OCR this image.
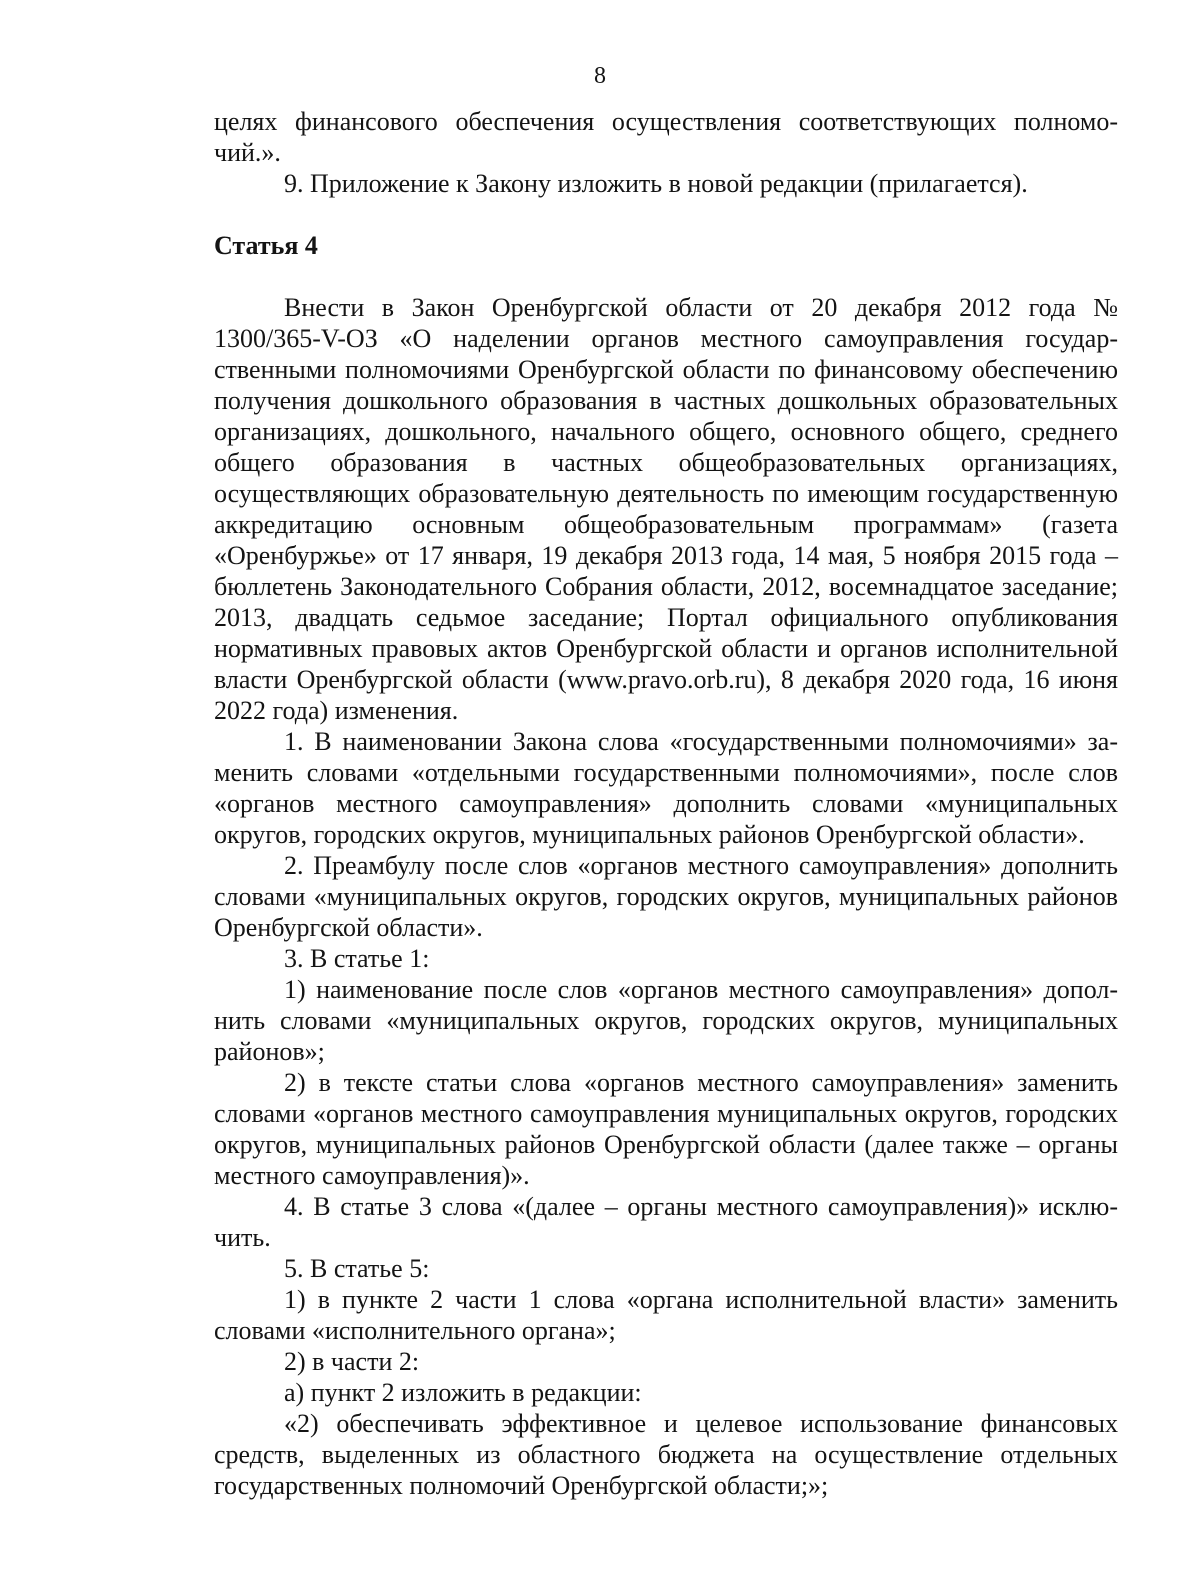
8

целях финансового обеспечения осуществления соответствующих полномочий.».

9. Приложение к Закону изложить в новой редакции (прилагается).

Статья 4

Внести в Закон Оренбургской области от 20 декабря 2012 года № 1300/365-V-ОЗ «О наделении органов местного самоуправления государственными полномочиями Оренбургской области по финансовому обеспечению получения дошкольного образования в частных дошкольных образовательных организациях, дошкольного, начального общего, основного общего, среднего общего образования в частных общеобразовательных организациях, осуществляющих образовательную деятельность по имеющим государственную аккредитацию основным общеобразовательным программам» (газета «Оренбуржье» от 17 января, 19 декабря 2013 года, 14 мая, 5 ноября 2015 года – бюллетень Законодательного Собрания области, 2012, восемнадцатое заседание; 2013, двадцать седьмое заседание; Портал официального опубликования нормативных правовых актов Оренбургской области и органов исполнительной власти Оренбургской области (www.pravo.orb.ru), 8 декабря 2020 года, 16 июня 2022 года) изменения.

1. В наименовании Закона слова «государственными полномочиями» заменить словами «отдельными государственными полномочиями», после слов «органов местного самоуправления» дополнить словами «муниципальных округов, городских округов, муниципальных районов Оренбургской области».

2. Преамбулу после слов «органов местного самоуправления» дополнить словами «муниципальных округов, городских округов, муниципальных районов Оренбургской области».

3. В статье 1:

1) наименование после слов «органов местного самоуправления» дополнить словами «муниципальных округов, городских округов, муниципальных районов»;

2) в тексте статьи слова «органов местного самоуправления» заменить словами «органов местного самоуправления муниципальных округов, городских округов, муниципальных районов Оренбургской области (далее также – органы местного самоуправления)».

4. В статье 3 слова «(далее – органы местного самоуправления)» исключить.

5. В статье 5:

1) в пункте 2 части 1 слова «органа исполнительной власти» заменить словами «исполнительного органа»;

2) в части 2:

а) пункт 2 изложить в редакции:

«2) обеспечивать эффективное и целевое использование финансовых средств, выделенных из областного бюджета на осуществление отдельных государственных полномочий Оренбургской области;»;
